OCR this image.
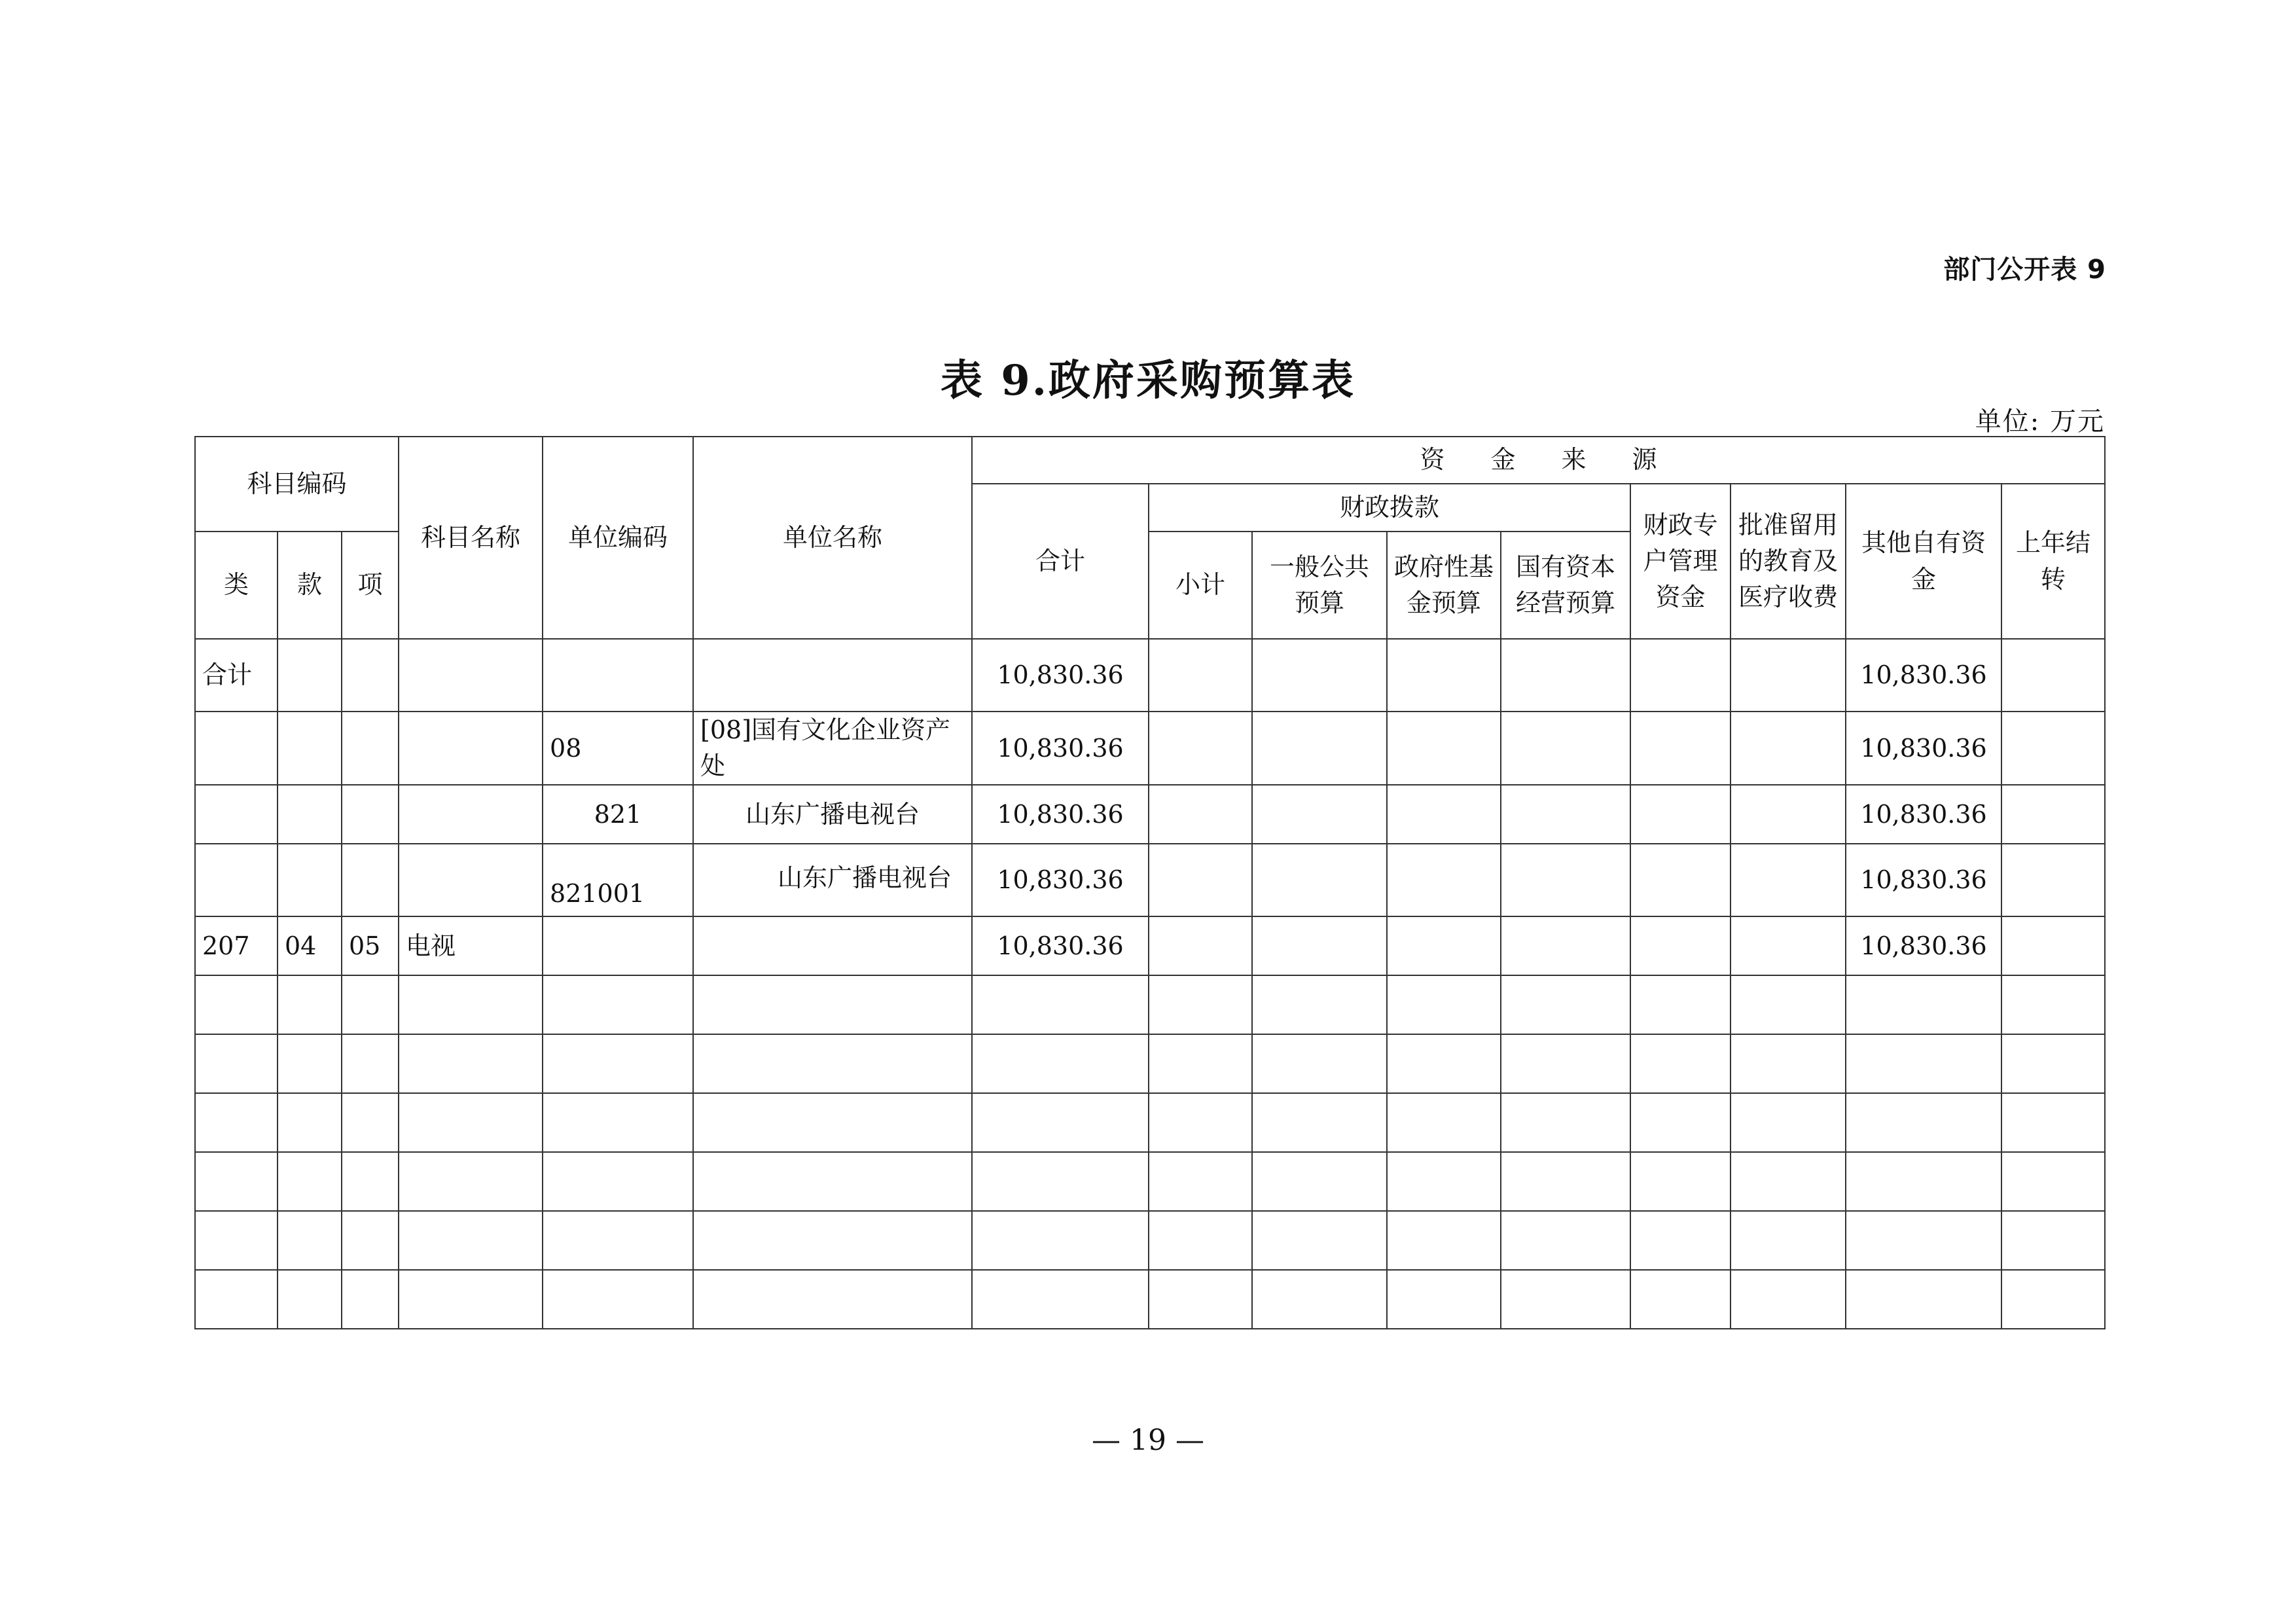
部门公开表 9
表 9.政府采购预算表
单位: 万元
科目编码			科目名称	单位编码	单位名称	资金来源								
						合计	财政拨款				财政专户管理资金	批准留用的教育及医疗收费	其他自有资金	上年结转
类	款	项					小计	一般公共预算	政府性基金预算	国有资本经营预算				
合计						10,830.36							10,830.36	
				08	[08]国有文化企业资产处	10,830.36							10,830.36	
				821	山东广播电视台	10,830.36							10,830.36	
				821001	山东广播电视台	10,830.36							10,830.36	
207	04	05	电视			10,830.36							10,830.36	

— 19 —
